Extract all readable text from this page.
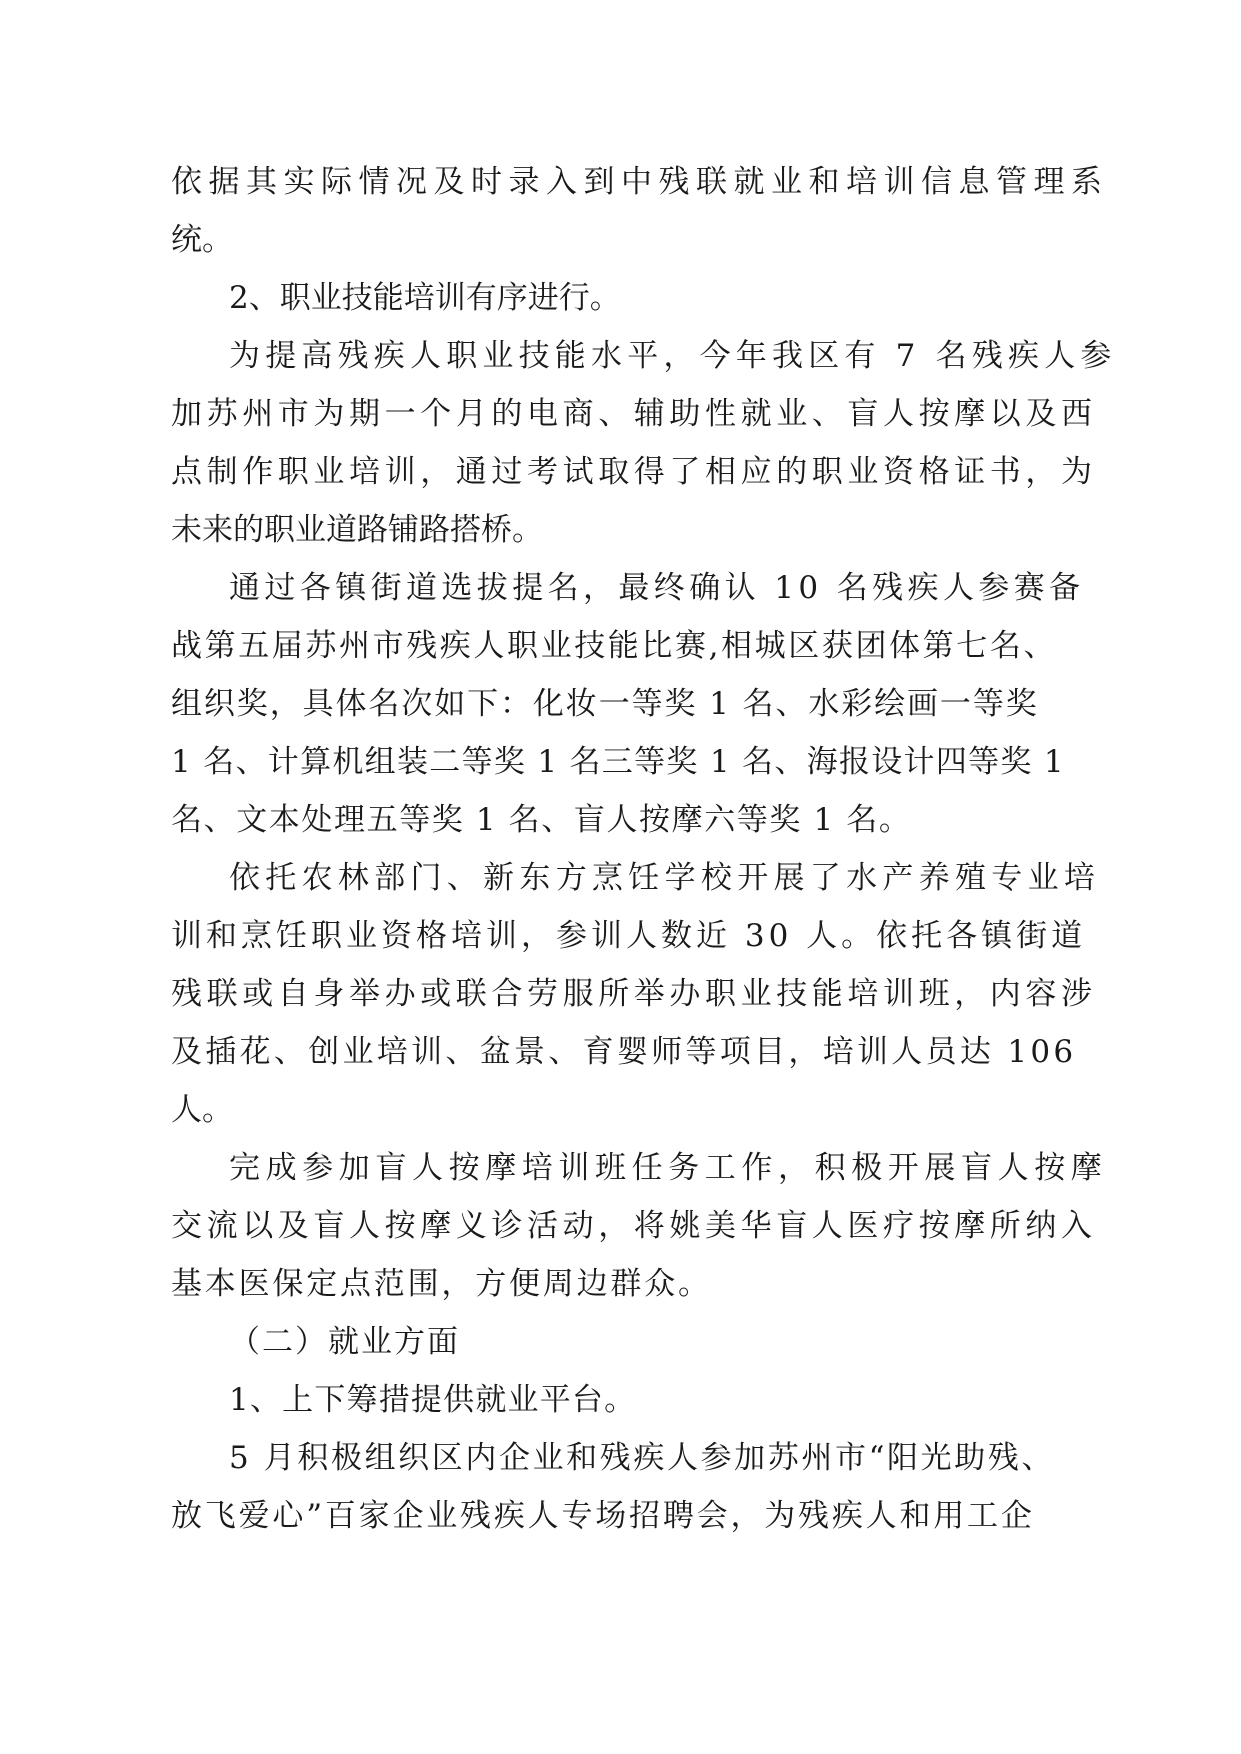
依据其实际情况及时录入到中残联就业和培训信息管理系
统。
2、职业技能培训有序进行。
为提高残疾人职业技能水平，今年我区有 7 名残疾人参
加苏州市为期一个月的电商、辅助性就业、盲人按摩以及西
点制作职业培训，通过考试取得了相应的职业资格证书，为
未来的职业道路铺路搭桥。
通过各镇街道选拔提名，最终确认 10 名残疾人参赛备
战第五届苏州市残疾人职业技能比赛,相城区获团体第七名、
组织奖，具体名次如下：化妆一等奖 1 名、水彩绘画一等奖
1 名、计算机组装二等奖 1 名三等奖 1 名、海报设计四等奖 1
名、文本处理五等奖 1 名、盲人按摩六等奖 1 名。
依托农林部门、新东方烹饪学校开展了水产养殖专业培
训和烹饪职业资格培训，参训人数近 30 人。依托各镇街道
残联或自身举办或联合劳服所举办职业技能培训班，内容涉
及插花、创业培训、盆景、育婴师等项目，培训人员达 106
人。
完成参加盲人按摩培训班任务工作，积极开展盲人按摩
交流以及盲人按摩义诊活动，将姚美华盲人医疗按摩所纳入
基本医保定点范围，方便周边群众。
（二）就业方面
1、上下筹措提供就业平台。
5 月积极组织区内企业和残疾人参加苏州市“阳光助残、
放飞爱心”百家企业残疾人专场招聘会，为残疾人和用工企
